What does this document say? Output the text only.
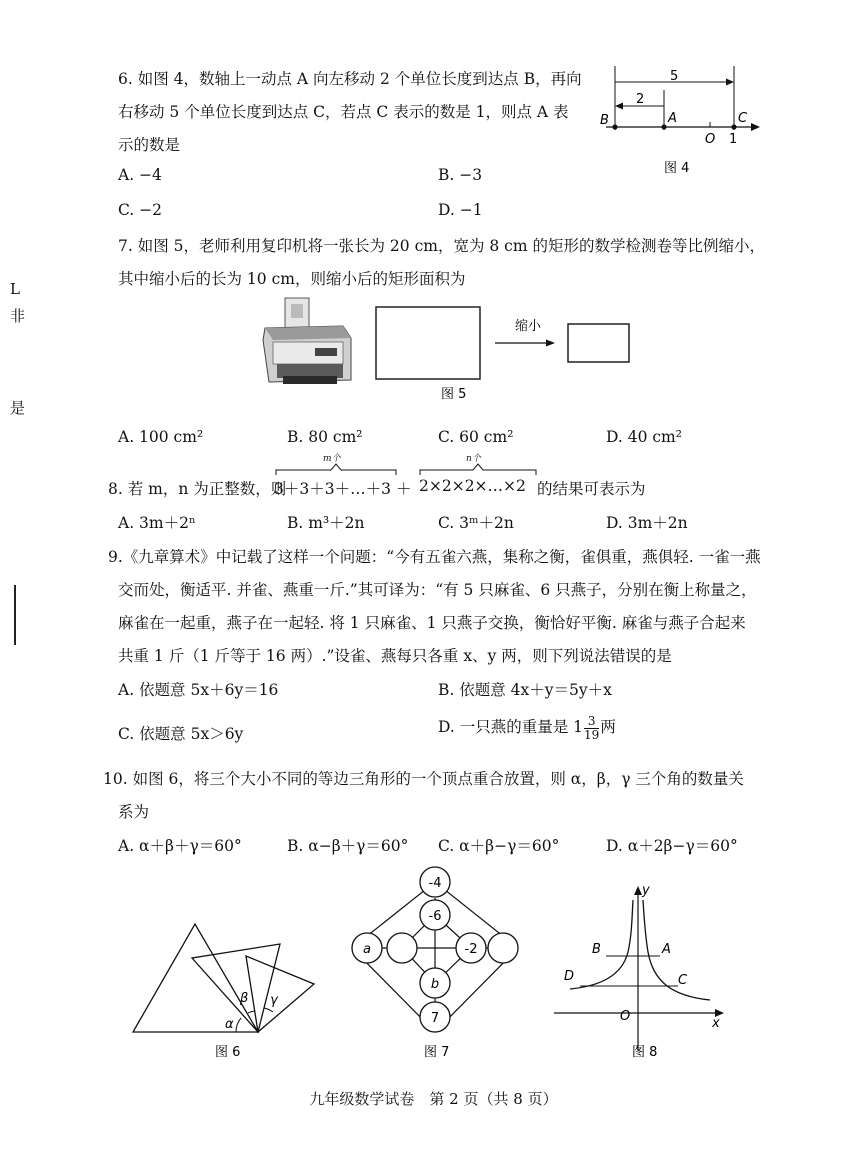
L
非
是
6. 如图 4，数轴上一动点 A 向左移动 2 个单位长度到达点 B，再向
右移动 5 个单位长度到达点 C，若点 C 表示的数是 1，则点 A 表
示的数是
A. −4	B. −3
C. −2	D. −1
5
2
B	A
O 1
C
图 4
7. 如图 5，老师利用复印机将一张长为 20 cm，宽为 8 cm 的矩形的数学检测卷等比例缩小，
其中缩小后的长为 10 cm，则缩小后的矩形面积为
缩小
图 5
A. 100 cm²	B. 80 cm²	C. 60 cm²	D. 40 cm²
8. 若 m，n 为正整数，则
m个
3＋3＋3＋…＋3 ＋
n个
2×2×2×…×2 的结果可表示为
A. 3m＋2ⁿ	B. m³＋2n	C. 3ᵐ＋2n	D. 3m＋2n
9.《九章算术》中记载了这样一个问题：“今有五雀六燕，集称之衡，雀俱重，燕俱轻. 一雀一燕
交而处，衡适平. 并雀、燕重一斤.”其可译为：“有 5 只麻雀、6 只燕子，分别在衡上称量之，
麻雀在一起重，燕子在一起轻. 将 1 只麻雀、1 只燕子交换，衡恰好平衡. 麻雀与燕子合起来
共重 1 斤（1 斤等于 16 两）.”设雀、燕每只各重 x、y 两，则下列说法错误的是
A. 依题意 5x＋6y＝16	B. 依题意 4x＋y＝5y＋x
C. 依题意 5x＞6y	D. 一只燕的重量是 $1 \frac{3}{19}$ 两
10. 如图 6，将三个大小不同的等边三角形的一个顶点重合放置，则 α，β，γ 三个角的数量关
系为
A. α＋β＋γ＝60°	B. α−β＋γ＝60° C. α＋β−γ＝60°	D. α＋2β−γ＝60°
α
β γ
图 6
-4
-6
a	-2
b
7
图 7
y
x
O
A
B
C
D
图 8
九年级数学试卷　第 2 页（共 8 页）
